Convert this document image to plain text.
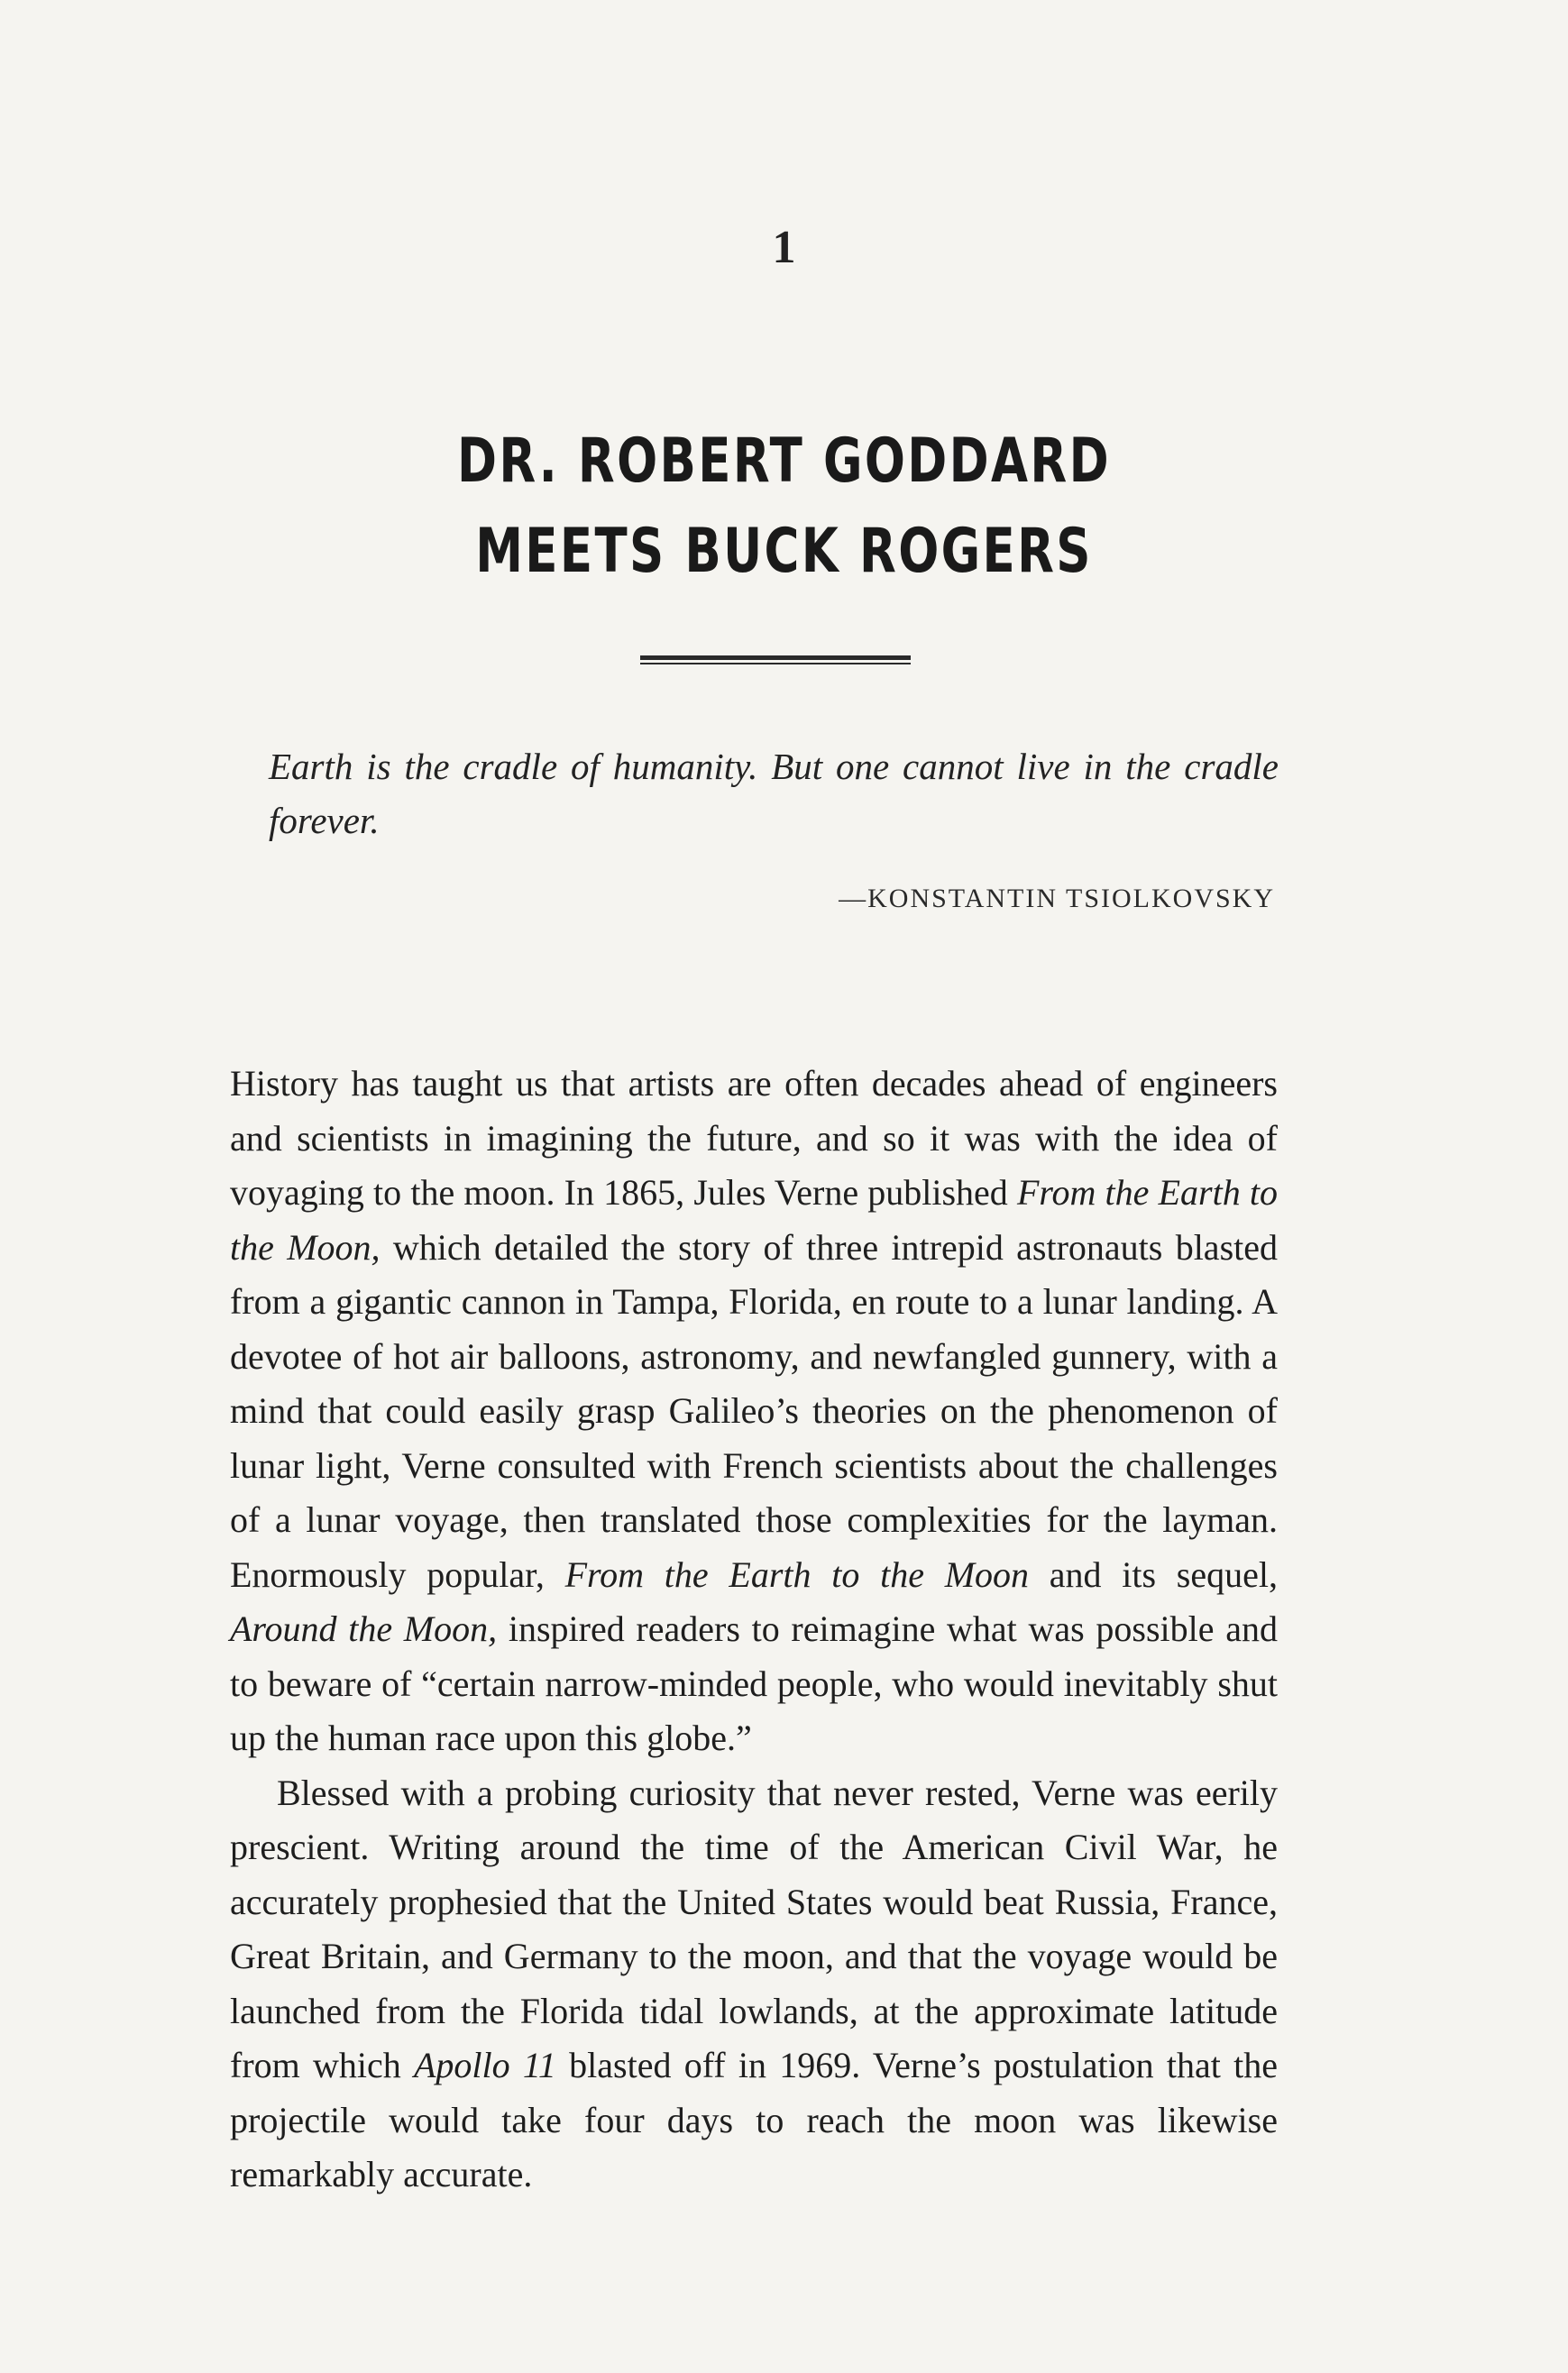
1
DR. ROBERT GODDARD
MEETS BUCK ROGERS
Earth is the cradle of humanity. But one cannot live in the cradle forever.
—KONSTANTIN TSIOLKOVSKY

History has taught us that artists are often decades ahead of engineers and scientists in imagining the future, and so it was with the idea of voyaging to the moon. In 1865, Jules Verne published From the Earth to the Moon, which detailed the story of three intrepid astronauts blasted from a gigantic cannon in Tampa, Florida, en route to a lunar landing. A devotee of hot air balloons, astronomy, and newfangled gunnery, with a mind that could easily grasp Galileo’s theories on the phenomenon of lunar light, Verne consulted with French scientists about the challenges of a lunar voyage, then translated those complexities for the layman. Enormously popular, From the Earth to the Moon and its sequel, Around the Moon, inspired readers to reimagine what was possible and to beware of “certain narrow-minded people, who would inevitably shut up the human race upon this globe.”

Blessed with a probing curiosity that never rested, Verne was eerily prescient. Writing around the time of the American Civil War, he accurately prophesied that the United States would beat Russia, France, Great Britain, and Germany to the moon, and that the voyage would be launched from the Florida tidal lowlands, at the approximate latitude from which Apollo 11 blasted off in 1969. Verne’s postulation that the projectile would take four days to reach the moon was likewise remarkably accurate.
